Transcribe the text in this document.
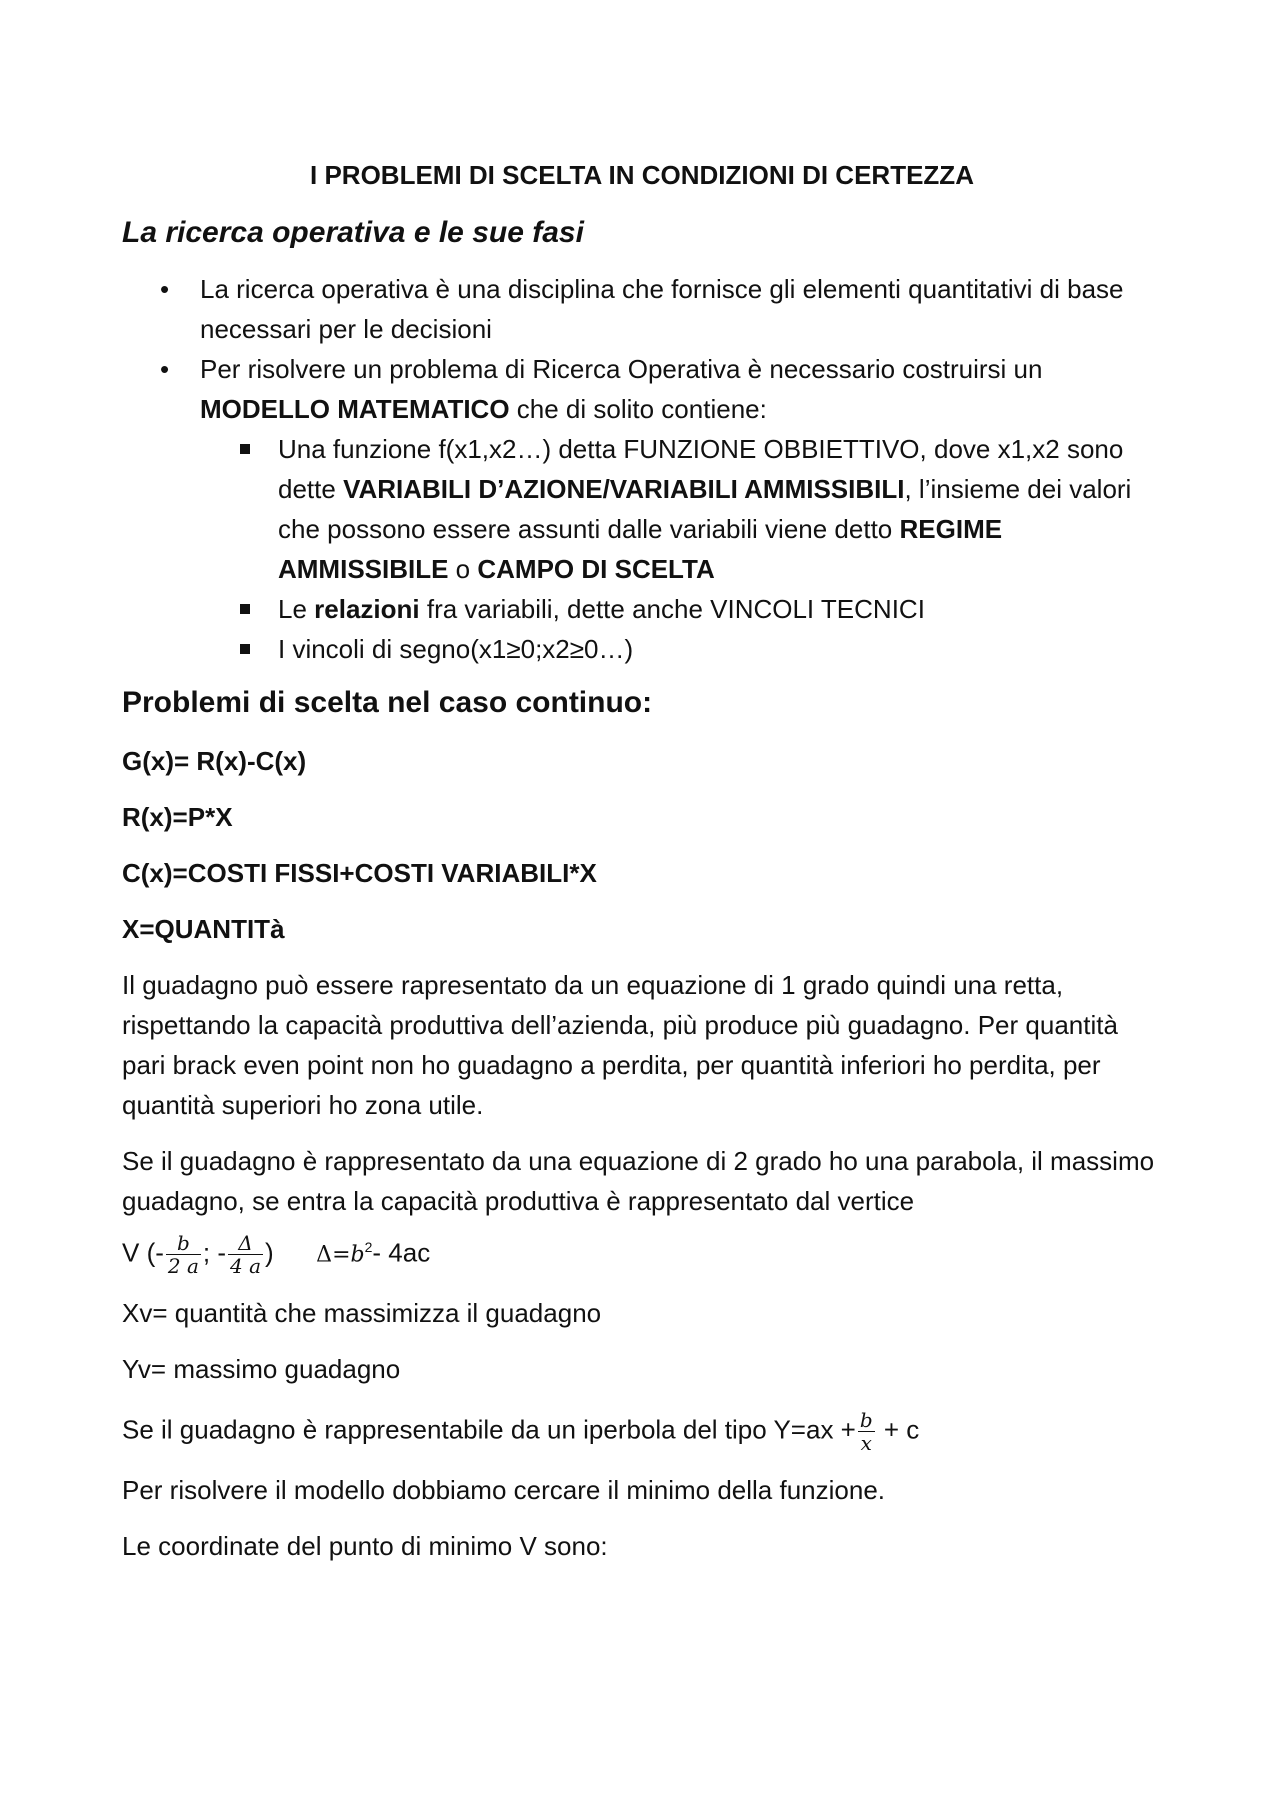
I PROBLEMI DI SCELTA IN CONDIZIONI DI CERTEZZA
La ricerca operativa e le sue fasi
• La ricerca operativa è una disciplina che fornisce gli elementi quantitativi di base necessari per le decisioni
• Per risolvere un problema di Ricerca Operativa è necessario costruirsi un MODELLO MATEMATICO che di solito contiene:
Una funzione f(x1,x2…) detta FUNZIONE OBBIETTIVO, dove x1,x2 sono dette VARIABILI D’AZIONE/VARIABILI AMMISSIBILI, l’insieme dei valori che possono essere assunti dalle variabili viene detto REGIME AMMISSIBILE o CAMPO DI SCELTA
Le relazioni fra variabili, dette anche VINCOLI TECNICI
I vincoli di segno(x1≥0;x2≥0…)
Problemi di scelta nel caso continuo:
G(x)= R(x)-C(x)
R(x)=P*X
C(x)=COSTI FISSI+COSTI VARIABILI*X
X=QUANTITà

Il guadagno può essere rapresentato da un equazione di 1 grado quindi una retta, rispettando la capacità produttiva dell’azienda, più produce più guadagno. Per quantità pari brack even point non ho guadagno a perdita, per quantità inferiori ho perdita, per quantità superiori ho zona utile.

Se il guadagno è rappresentato da una equazione di 2 grado ho una parabola, il massimo guadagno, se entra la capacità produttiva è rappresentato dal vertice

V (- $\frac{b}{2 a}$ ; - $\frac{\Delta}{4 a}$ ) $\Delta=b^2-$ 4ac

Xv= quantità che massimizza il guadagno

Yv= massimo guadagno

Se il guadagno è rappresentabile da un iperbola del tipo $Y=ax + \frac{b}{x} + c$

Per risolvere il modello dobbiamo cercare il minimo della funzione.

Le coordinate del punto di minimo V sono:
